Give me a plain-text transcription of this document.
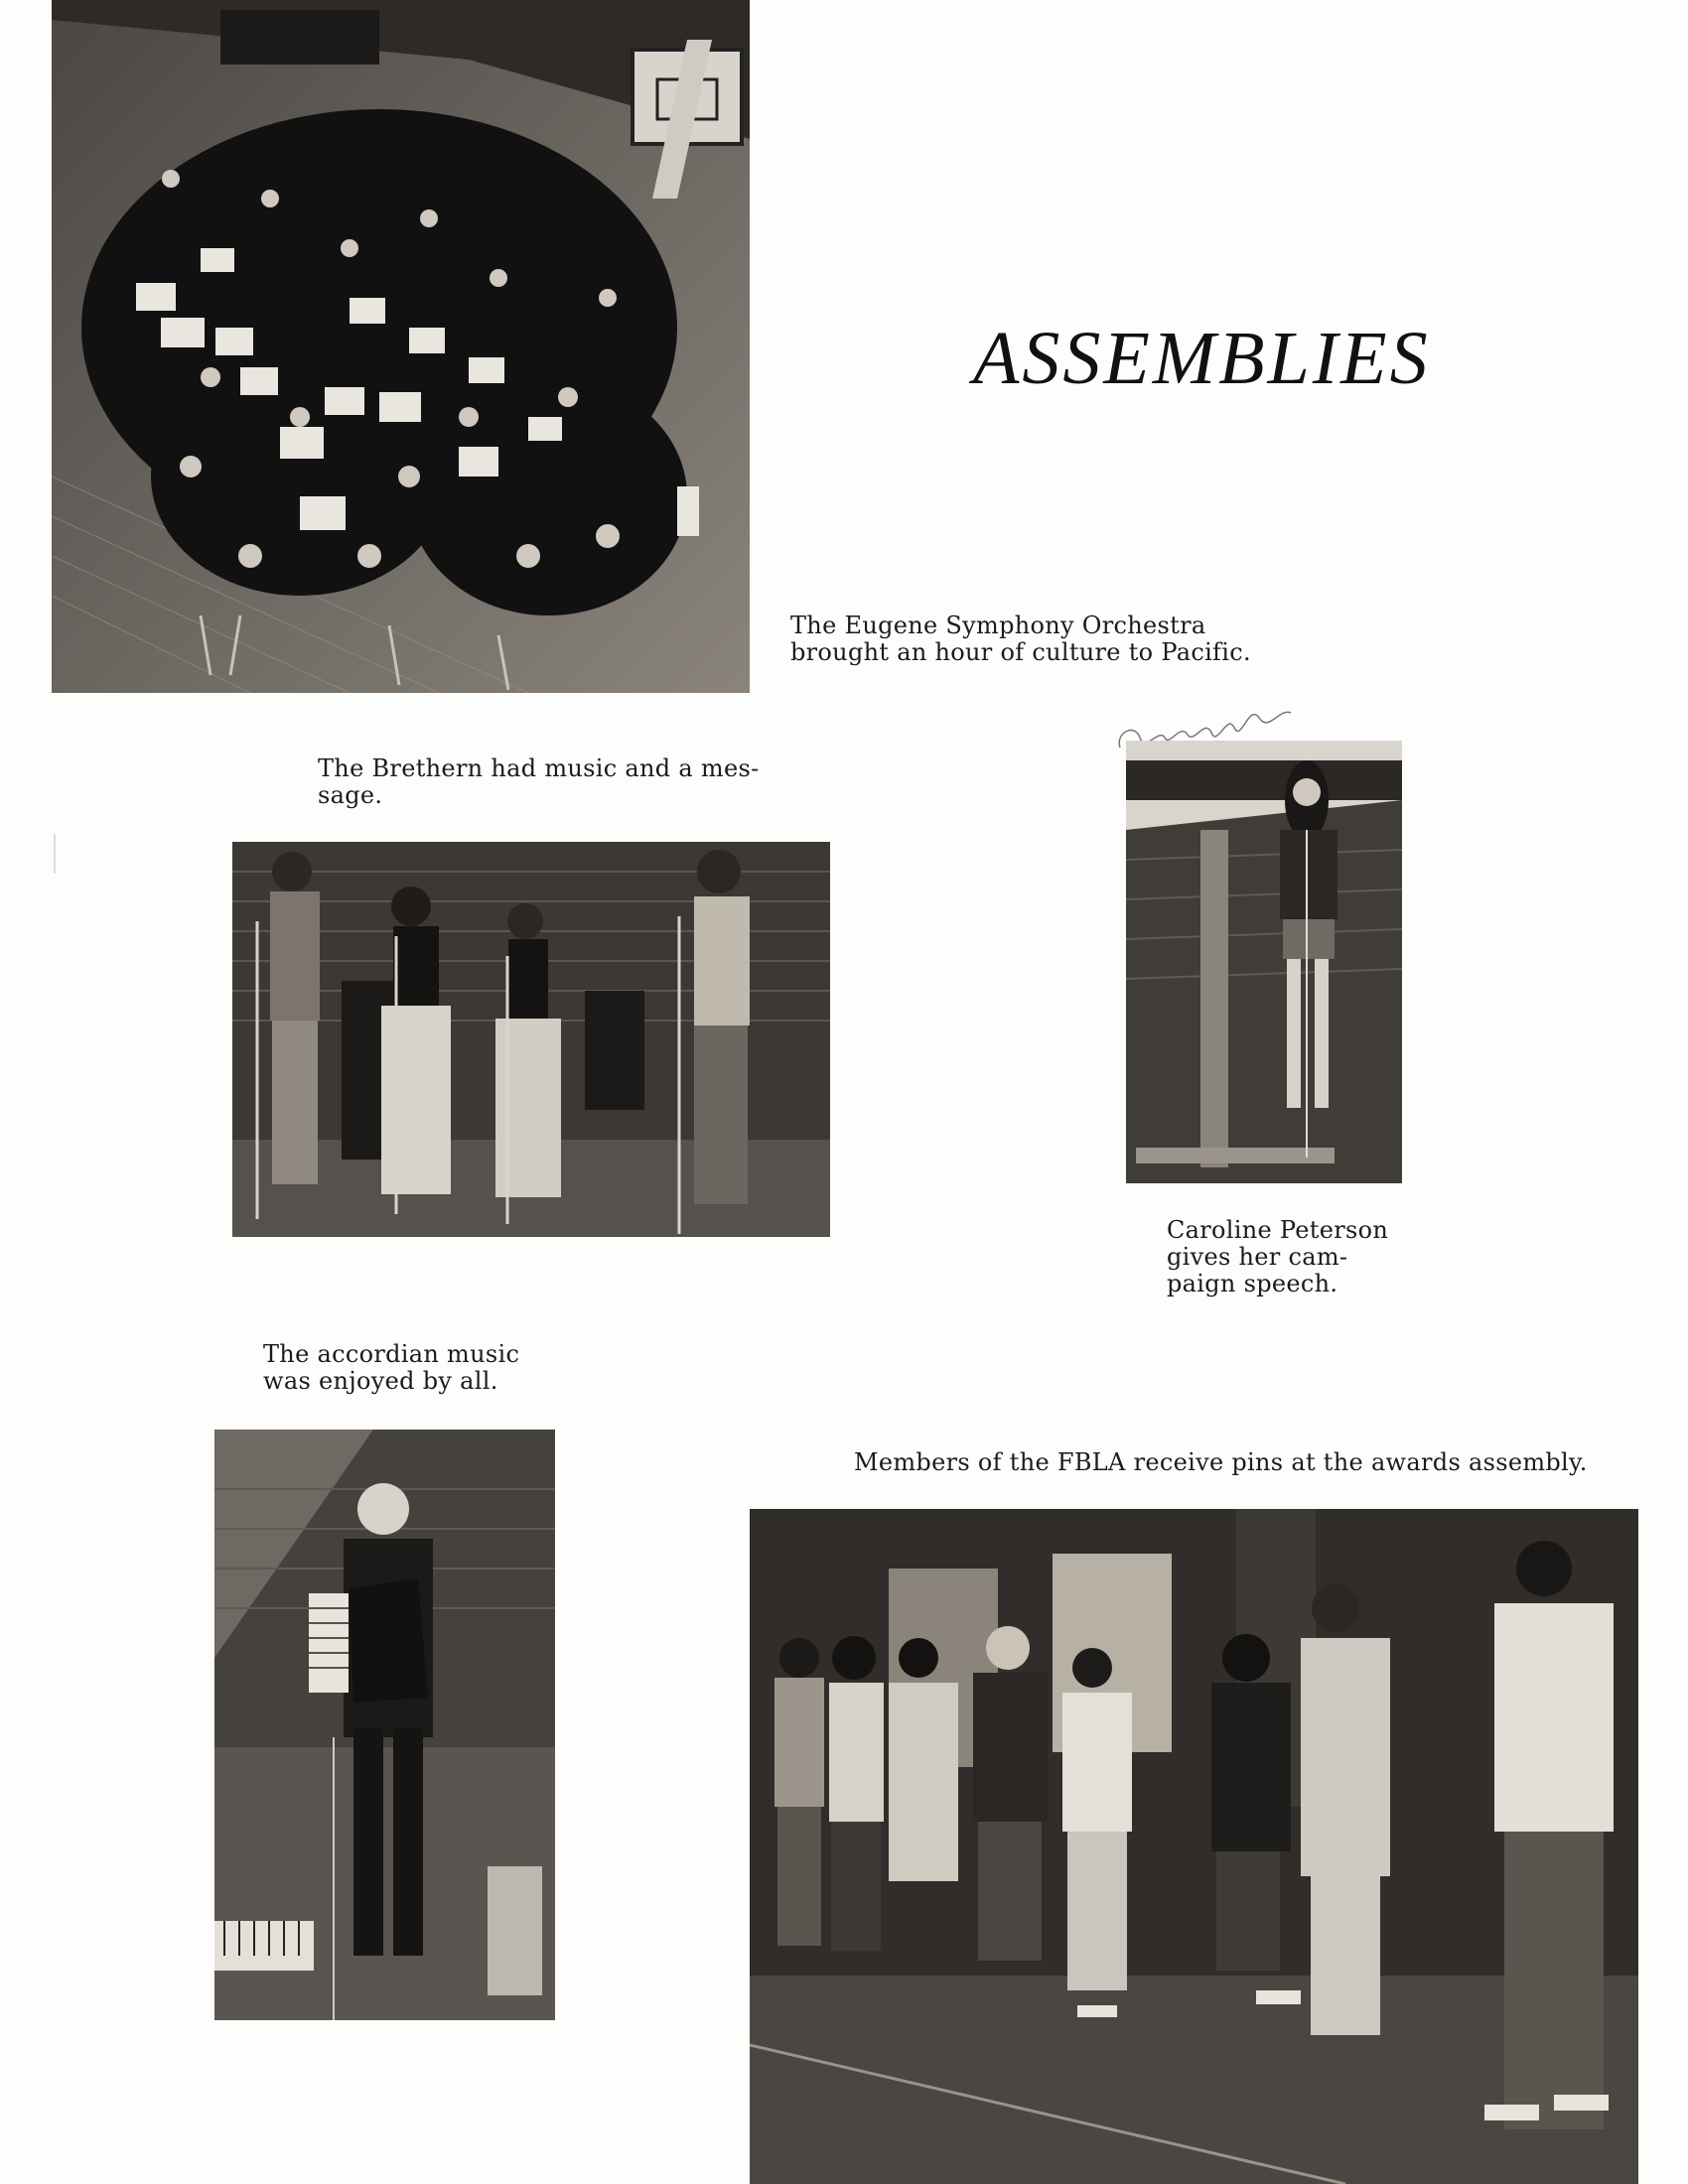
ASSEMBLIES

The Eugene Symphony Orchestra
brought an hour of culture to Pacific.

The Brethern had music and a mes-
sage.

Caroline Peterson
gives her cam-
paign speech.

The accordian music
was enjoyed by all.

Members of the FBLA receive pins at the awards assembly.
